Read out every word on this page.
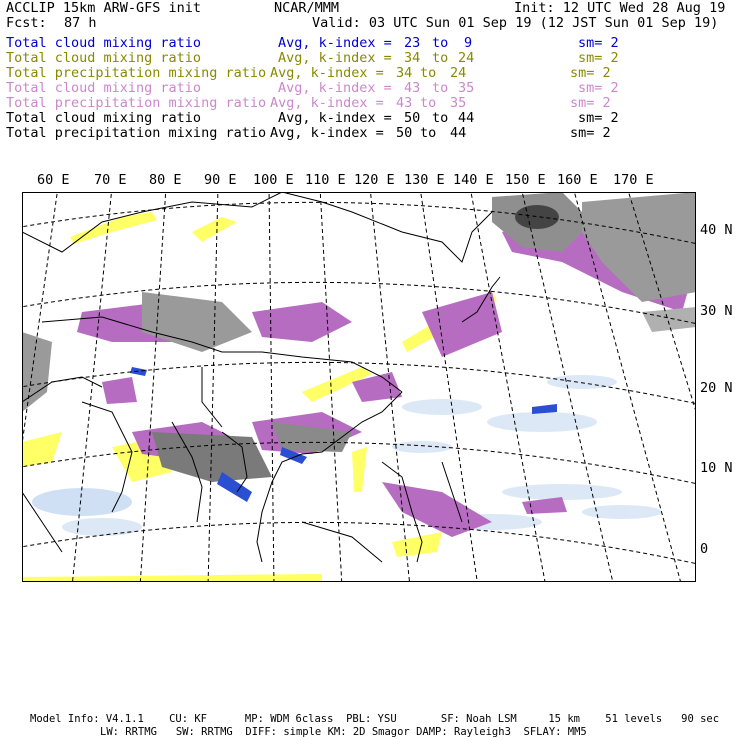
ACCLIP 15km ARW-GFS init	NCAR/MMM	Init: 12 UTC Wed 28 Aug 19
Fcst: 87 h	Valid: 03 UTC Sun 01 Sep 19 (12 JST Sun 01 Sep 19)
Total cloud mixing ratio	Avg, k-index = 23 to 9	sm= 2
Total cloud mixing ratio	Avg, k-index = 34 to 24	sm= 2
Total precipitation mixing ratio Avg, k-index = 34 to 24	sm= 2
Total cloud mixing ratio	Avg, k-index = 43 to 35	sm= 2
Total precipitation mixing ratio Avg, k-index = 43 to 35	sm= 2
Total cloud mixing ratio	Avg, k-index = 50 to 44	sm= 2
Total precipitation mixing ratio Avg, k-index = 50 to 44	sm= 2
60 E 70 E 80 E 90 E 100 E 110 E 120 E 130 E 140 E 150 E 160 E 170 E
40 N
30 N
20 N
10 N
0
Model Info: V4.1.1    CU: KF      MP: WDM 6class  PBL: YSU       SF: Noah LSM     15 km    51 levels   90 sec
LW: RRTMG   SW: RRTMG  DIFF: simple KM: 2D Smagor DAMP: Rayleigh3  SFLAY: MM5
